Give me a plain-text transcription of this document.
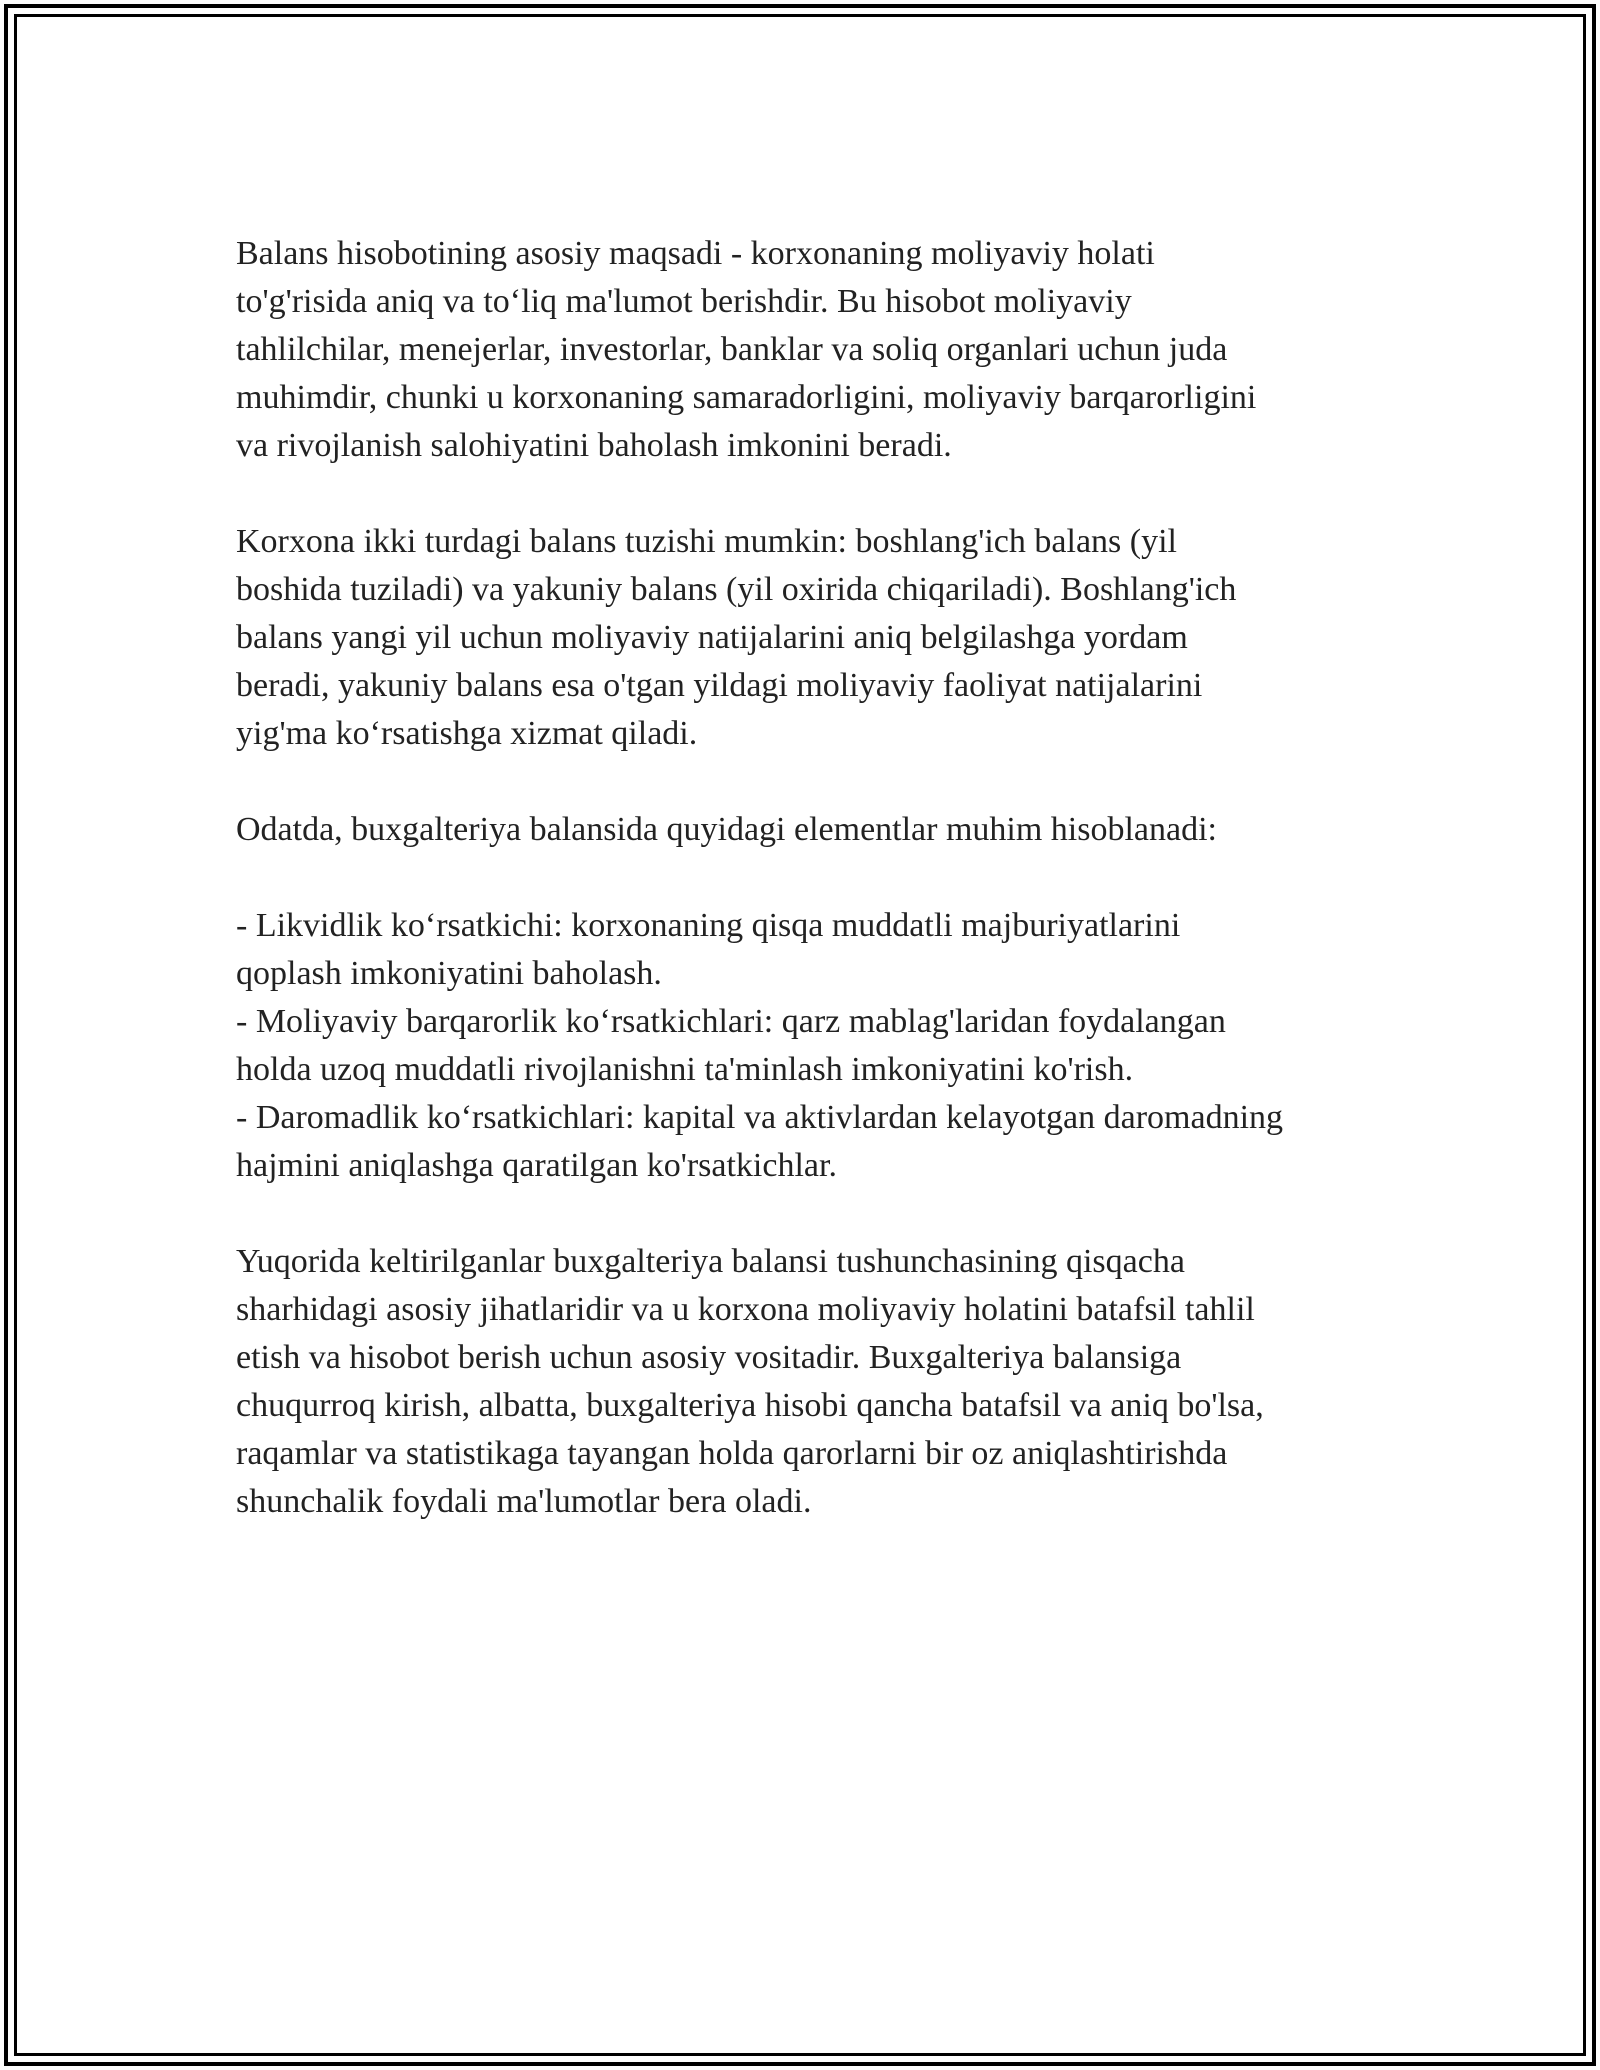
Balans hisobotining asosiy maqsadi - korxonaning moliyaviy holati

to'g'risida aniq va to‘liq ma'lumot berishdir. Bu hisobot moliyaviy

tahlilchilar, menejerlar, investorlar, banklar va soliq organlari uchun juda

muhimdir, chunki u korxonaning samaradorligini, moliyaviy barqarorligini

va rivojlanish salohiyatini baholash imkonini beradi.

Korxona ikki turdagi balans tuzishi mumkin: boshlang'ich balans (yil

boshida tuziladi) va yakuniy balans (yil oxirida chiqariladi). Boshlang'ich

balans yangi yil uchun moliyaviy natijalarini aniq belgilashga yordam

beradi, yakuniy balans esa o'tgan yildagi moliyaviy faoliyat natijalarini

yig'ma ko‘rsatishga xizmat qiladi.

Odatda, buxgalteriya balansida quyidagi elementlar muhim hisoblanadi:

- Likvidlik ko‘rsatkichi: korxonaning qisqa muddatli majburiyatlarini

qoplash imkoniyatini baholash.

- Moliyaviy barqarorlik ko‘rsatkichlari: qarz mablag'laridan foydalangan

holda uzoq muddatli rivojlanishni ta'minlash imkoniyatini ko'rish.

- Daromadlik ko‘rsatkichlari: kapital va aktivlardan kelayotgan daromadning

hajmini aniqlashga qaratilgan ko'rsatkichlar.

Yuqorida keltirilganlar buxgalteriya balansi tushunchasining qisqacha

sharhidagi asosiy jihatlaridir va u korxona moliyaviy holatini batafsil tahlil

etish va hisobot berish uchun asosiy vositadir. Buxgalteriya balansiga

chuqurroq kirish, albatta, buxgalteriya hisobi qancha batafsil va aniq bo'lsa,

raqamlar va statistikaga tayangan holda qarorlarni bir oz aniqlashtirishda

shunchalik foydali ma'lumotlar bera oladi.
